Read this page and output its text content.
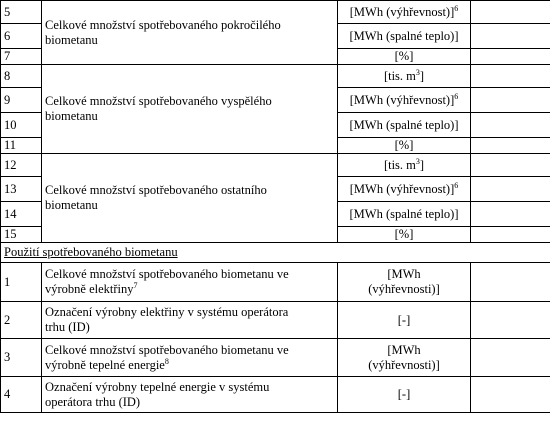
5	Celkové množství spotřebovaného pokročilého
biometanu	[MWh (výhřevnost)]$^6$	
6		[MWh (spalné teplo)]	
7		[%]	
8	Celkové množství spotřebovaného vyspělého
biometanu	[tis. $m^3$]	
9		[MWh (výhřevnost)]$^6$	
10		[MWh (spalné teplo)]	
11		[%]	
12	Celkové množství spotřebovaného ostatního
biometanu	[tis. $m^3$]	
13		[MWh (výhřevnost)]$^6$	
14		[MWh (spalné teplo)]	
15		[%]	
Použití spotřebovaného biometanu			
1	Celkové množství spotřebovaného biometanu ve
výrobně elektřiny$^7$	[MWh
(výhřevnosti)]	

2	Označení výrobny elektřiny v systému operátora
trhu (ID)	[-]	
3	Celkové množství spotřebovaného biometanu ve
výrobně tepelné energie$^8$	[MWh
(výhřevnosti)]	

4	Označení výrobny tepelné energie v systému
operátora trhu (ID)	[-]	
